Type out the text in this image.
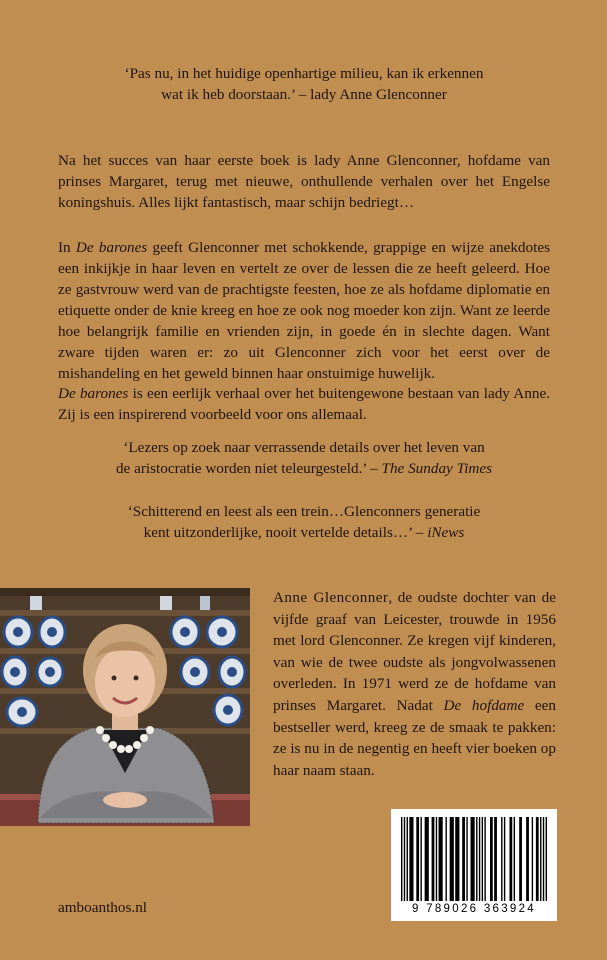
‘Pas nu, in het huidige openhartige milieu, kan ik erkennen
wat ik heb doorstaan.’ – lady Anne Glenconner

Na het succes van haar eerste boek is lady Anne Glenconner, hofdame van prinses Margaret, terug met nieuwe, onthullende verhalen over het Engelse koningshuis. Alles lijkt fantastisch, maar schijn bedriegt…

In De barones geeft Glenconner met schokkende, grappige en wijze anekdotes een inkijkje in haar leven en vertelt ze over de lessen die ze heeft geleerd. Hoe ze gastvrouw werd van de prachtigste feesten, hoe ze als hofdame diplomatie en etiquette onder de knie kreeg en hoe ze ook nog moeder kon zijn. Want ze leerde hoe belangrijk familie en vrienden zijn, in goede én in slechte dagen. Want zware tijden waren er: zo uit Glenconner zich voor het eerst over de mishandeling en het geweld binnen haar onstuimige huwelijk.

De barones is een eerlijk verhaal over het buitengewone bestaan van lady Anne. Zij is een inspirerend voorbeeld voor ons allemaal.

‘Lezers op zoek naar verrassende details over het leven van
de aristocratie worden niet teleurgesteld.’ – The Sunday Times

‘Schitterend en leest als een trein…Glenconners generatie
kent uitzonderlijke, nooit vertelde details…’ – iNews

Anne Glenconner, de oudste dochter van de vijfde graaf van Leicester, trouwde in 1956 met lord Glenconner. Ze kregen vijf kinderen, van wie de twee oudste als jongvolwassenen overleden. In 1971 werd ze de hofdame van prinses Margaret. Nadat De hofdame een bestseller werd, kreeg ze de smaak te pakken: ze is nu in de negentig en heeft vier boeken op haar naam staan.

9 789026 363924
amboanthos.nl
